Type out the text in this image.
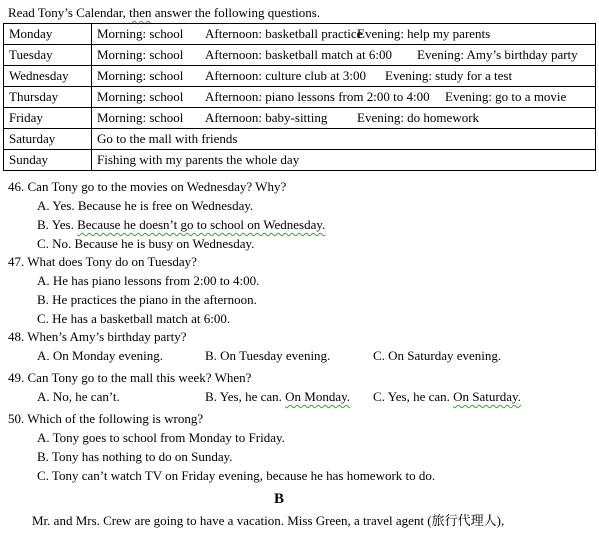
Read Tony’s Calendar, then answer the following questions.
Monday	Morning: school Afternoon: basketball practiceEvening: help my parents
Tuesday	Morning: school Afternoon: basketball match at 6:00 Evening: Amy’s birthday party
Wednesday	Morning: school Afternoon: culture club at 3:00 Evening: study for a test
Thursday	Morning: school Afternoon: piano lessons from 2:00 to 4:00 Evening: go to a movie
Friday	Morning: school Afternoon: baby-sitting Evening: do homework
Saturday	Go to the mall with friends
Sunday	Fishing with my parents the whole day
46. Can Tony go to the movies on Wednesday? Why?
A. Yes. Because he is free on Wednesday.
B. Yes. Because he doesn’t go to school on Wednesday.
C. No. Because he is busy on Wednesday.
47. What does Tony do on Tuesday?
A. He has piano lessons from 2:00 to 4:00.
B. He practices the piano in the afternoon.
C. He has a basketball match at 6:00.
48. When’s Amy’s birthday party?
A. On Monday evening.	B. On Tuesday evening.	C. On Saturday evening.
49. Can Tony go to the mall this week? When?
A. No, he can’t.	B. Yes, he can. On Monday. C. Yes, he can. On Saturday.
50. Which of the following is wrong?
A. Tony goes to school from Monday to Friday.
B. Tony has nothing to do on Sunday.
C. Tony can’t watch TV on Friday evening, because he has homework to do.
B
Mr. and Mrs. Crew are going to have a vacation. Miss Green, a travel agent (旅行代理人),
